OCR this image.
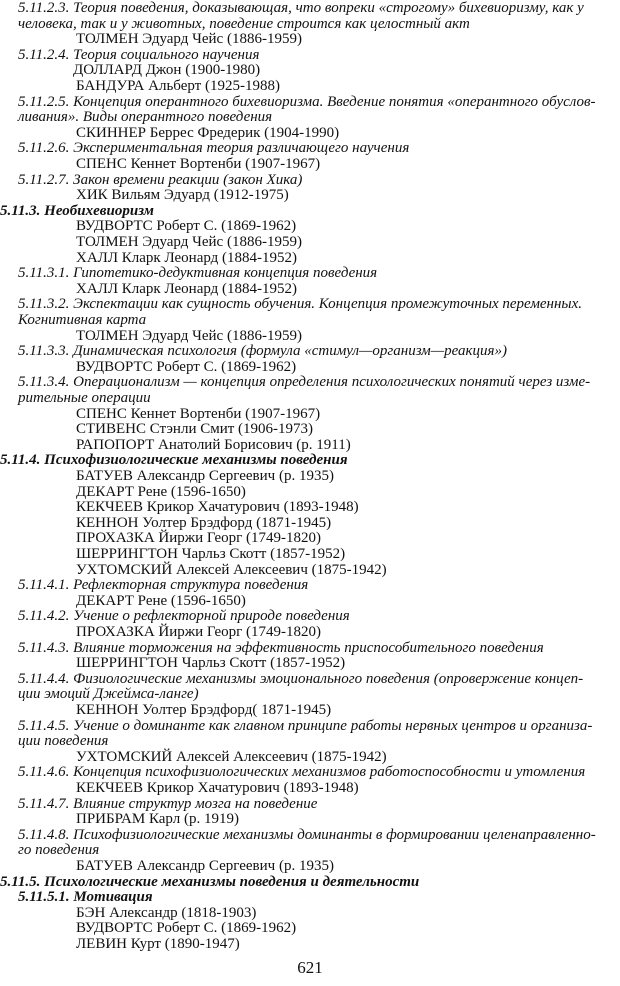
5.11.2.3. Теория поведения, доказывающая, что вопреки «строгому» бихевиоризму, как у
человека, так и у животных, поведение строится как целостный акт
ТОЛМЕН Эдуард Чейс (1886-1959)
5.11.2.4. Теория социального научения
ДОЛЛАРД Джон (1900-1980)
БАНДУРА Альберт (1925-1988)
5.11.2.5. Концепция оперантного бихевиоризма. Введение понятия «оперантного обуслов-
ливания». Виды оперантного поведения
СКИННЕР Беррес Фредерик (1904-1990)
5.11.2.6. Экспериментальная теория различающего научения
СПЕНС Кеннет Вортенби (1907-1967)
5.11.2.7. Закон времени реакции (закон Хика)
ХИК Вильям Эдуард (1912-1975)
5.11.3. Необихевиоризм
ВУДВОРТС Роберт С. (1869-1962)
ТОЛМЕН Эдуард Чейс (1886-1959)
ХАЛЛ Кларк Леонард (1884-1952)
5.11.3.1. Гипотетико-дедуктивная концепция поведения
ХАЛЛ Кларк Леонард (1884-1952)
5.11.3.2. Экспектации как сущность обучения. Концепция промежуточных переменных.
Когнитивная карта
ТОЛМЕН Эдуард Чейс (1886-1959)
5.11.3.3. Динамическая психология (формула «стимул—организм—реакция»)
ВУДВОРТС Роберт С. (1869-1962)
5.11.3.4. Операционализм — концепция определения психологических понятий через изме-
рительные операции
СПЕНС Кеннет Вортенби (1907-1967)
СТИВЕНС Стэнли Смит (1906-1973)
РАПОПОРТ Анатолий Борисович (р. 1911)
5.11.4. Психофизиологические механизмы поведения
БАТУЕВ Александр Сергеевич (р. 1935)
ДЕКАРТ Рене (1596-1650)
КЕКЧЕЕВ Крикор Хачатурович (1893-1948)
КЕННОН Уолтер Брэдфорд (1871-1945)
ПРОХАЗКА Йиржи Георг (1749-1820)
ШЕРРИНГТОН Чарльз Скотт (1857-1952)
УХТОМСКИЙ Алексей Алексеевич (1875-1942)
5.11.4.1. Рефлекторная структура поведения
ДЕКАРТ Рене (1596-1650)
5.11.4.2. Учение о рефлекторной природе поведения
ПРОХАЗКА Йиржи Георг (1749-1820)
5.11.4.3. Влияние торможения на эффективность приспособительного поведения
ШЕРРИНГТОН Чарльз Скотт (1857-1952)
5.11.4.4. Физиологические механизмы эмоционального поведения (опровержение концеп-
ции эмоций Джеймса-ланге)
КЕННОН Уолтер Брэдфорд( 1871-1945)
5.11.4.5. Учение о доминанте как главном принципе работы нервных центров и организа-
ции поведения
УХТОМСКИЙ Алексей Алексеевич (1875-1942)
5.11.4.6. Концепция психофизиологических механизмов работоспособности и утомления
КЕКЧЕЕВ Крикор Хачатурович (1893-1948)
5.11.4.7. Влияние структур мозга на поведение
ПРИБРАМ Карл (р. 1919)
5.11.4.8. Психофизиологические механизмы доминанты в формировании целенаправленно-
го поведения
БАТУЕВ Александр Сергеевич (р. 1935)
5.11.5. Психологические механизмы поведения и деятельности
5.11.5.1. Мотивация
БЭН Александр (1818-1903)
ВУДВОРТС Роберт С. (1869-1962)
ЛЕВИН Курт (1890-1947)
621
